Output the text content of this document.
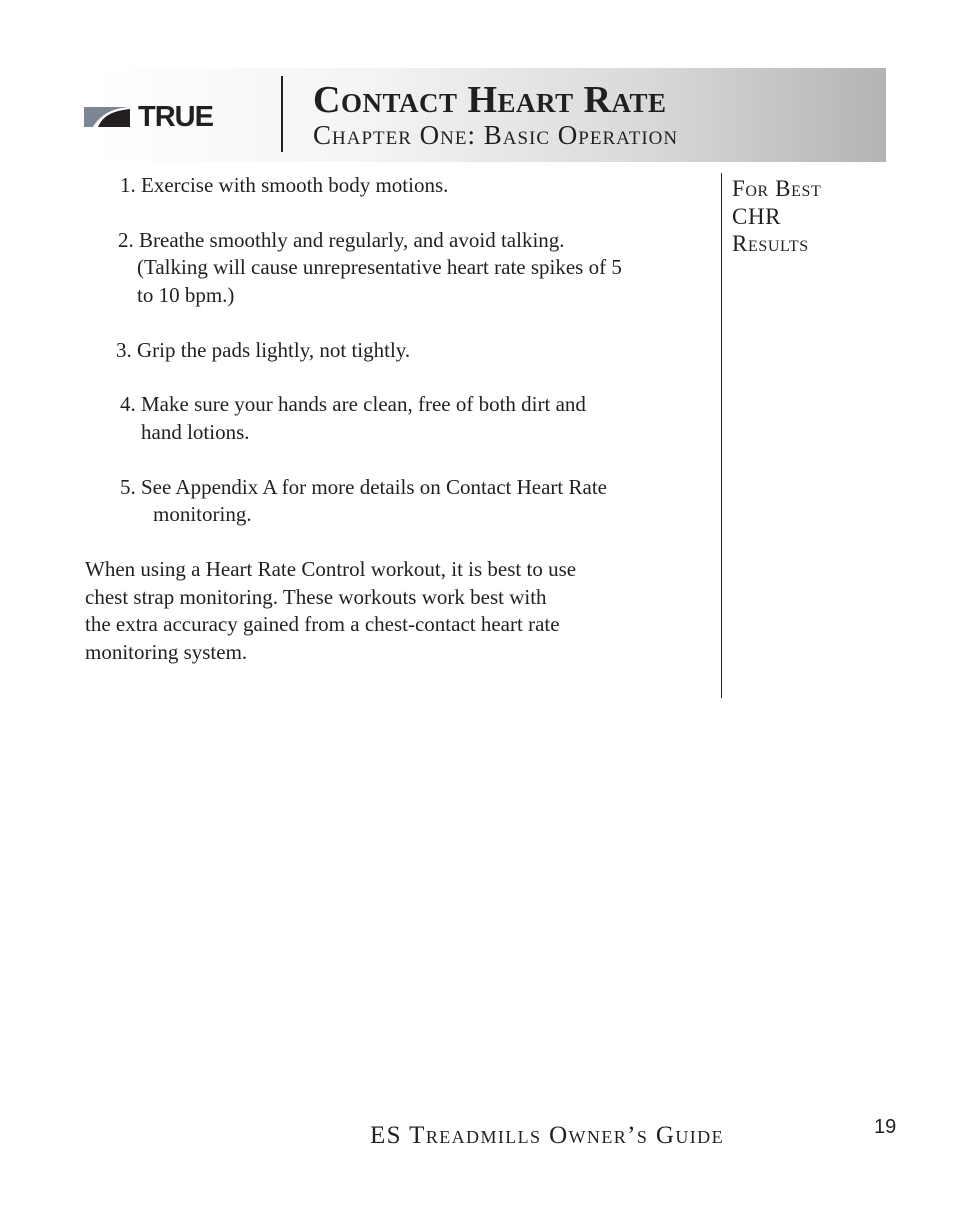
TRUE	Contact Heart Rate
Chapter One: Basic Operation

1. Exercise with smooth body motions.

2. Breathe smoothly and regularly, and avoid talking.

(Talking will cause unrepresentative heart rate spikes of 5

to 10 bpm.)

3. Grip the pads lightly, not tightly.

4. Make sure your hands are clean, free of both dirt and

hand lotions.

5. See Appendix A for more details on Contact Heart Rate

monitoring.

When using a Heart Rate Control workout, it is best to use

chest strap monitoring. These workouts work best with

the extra accuracy gained from a chest-contact heart rate

monitoring system.

For Best
CHR
Results
ES Treadmills Owner’s Guide	19
